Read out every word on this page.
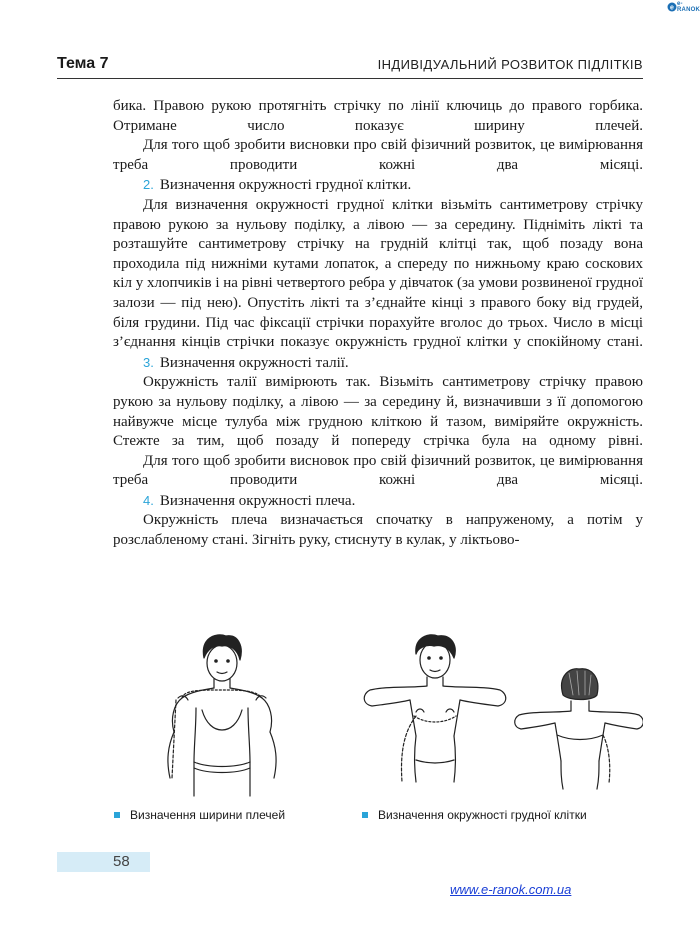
e
e-RANOK
Тема 7	ІНДИВІДУАЛЬНИЙ РОЗВИТОК ПІДЛІТКІВ

бика. Правою рукою протягніть стрічку по лінії ключиць до правого горбика. Отримане число показує ширину плечей.

Для того щоб зробити висновки про свій фізичний розвиток, це вимірювання треба проводити кожні два місяці.

2. Визначення окружності грудної клітки.

Для визначення окружності грудної клітки візьміть сантиметрову стрічку правою рукою за нульову поділку, а лівою — за середину. Підніміть лікті та розташуйте сантиметрову стрічку на грудній клітці так, щоб позаду вона проходила під нижніми кутами лопаток, а спереду по нижньому краю соскових кіл у хлопчиків і на рівні четвертого ребра у дівчаток (за умови розвиненої грудної залози — під нею). Опустіть лікті та з’єднайте кінці з правого боку від грудей, біля грудини. Під час фіксації стрічки порахуйте вголос до трьох. Число в місці з’єднання кінців стрічки показує окружність грудної клітки у спокійному стані.

3. Визначення окружності талії.

Окружність талії вимірюють так. Візьміть сантиметрову стрічку правою рукою за нульову поділку, а лівою — за середину й, визначивши з її допомогою найвужче місце тулуба між грудною кліткою й тазом, виміряйте окружність. Стежте за тим, щоб позаду й попереду стрічка була на одному рівні.

Для того щоб зробити висновок про свій фізичний розвиток, це вимірювання треба проводити кожні два місяці.

4. Визначення окружності плеча.

Окружність плеча визначається спочатку в напруженому, а потім у розслабленому стані. Зігніть руку, стиснуту в кулак, у ліктьово-

Визначення ширини плечей	Визначення окружності грудної клітки
58
www.e-ranok.com.ua
